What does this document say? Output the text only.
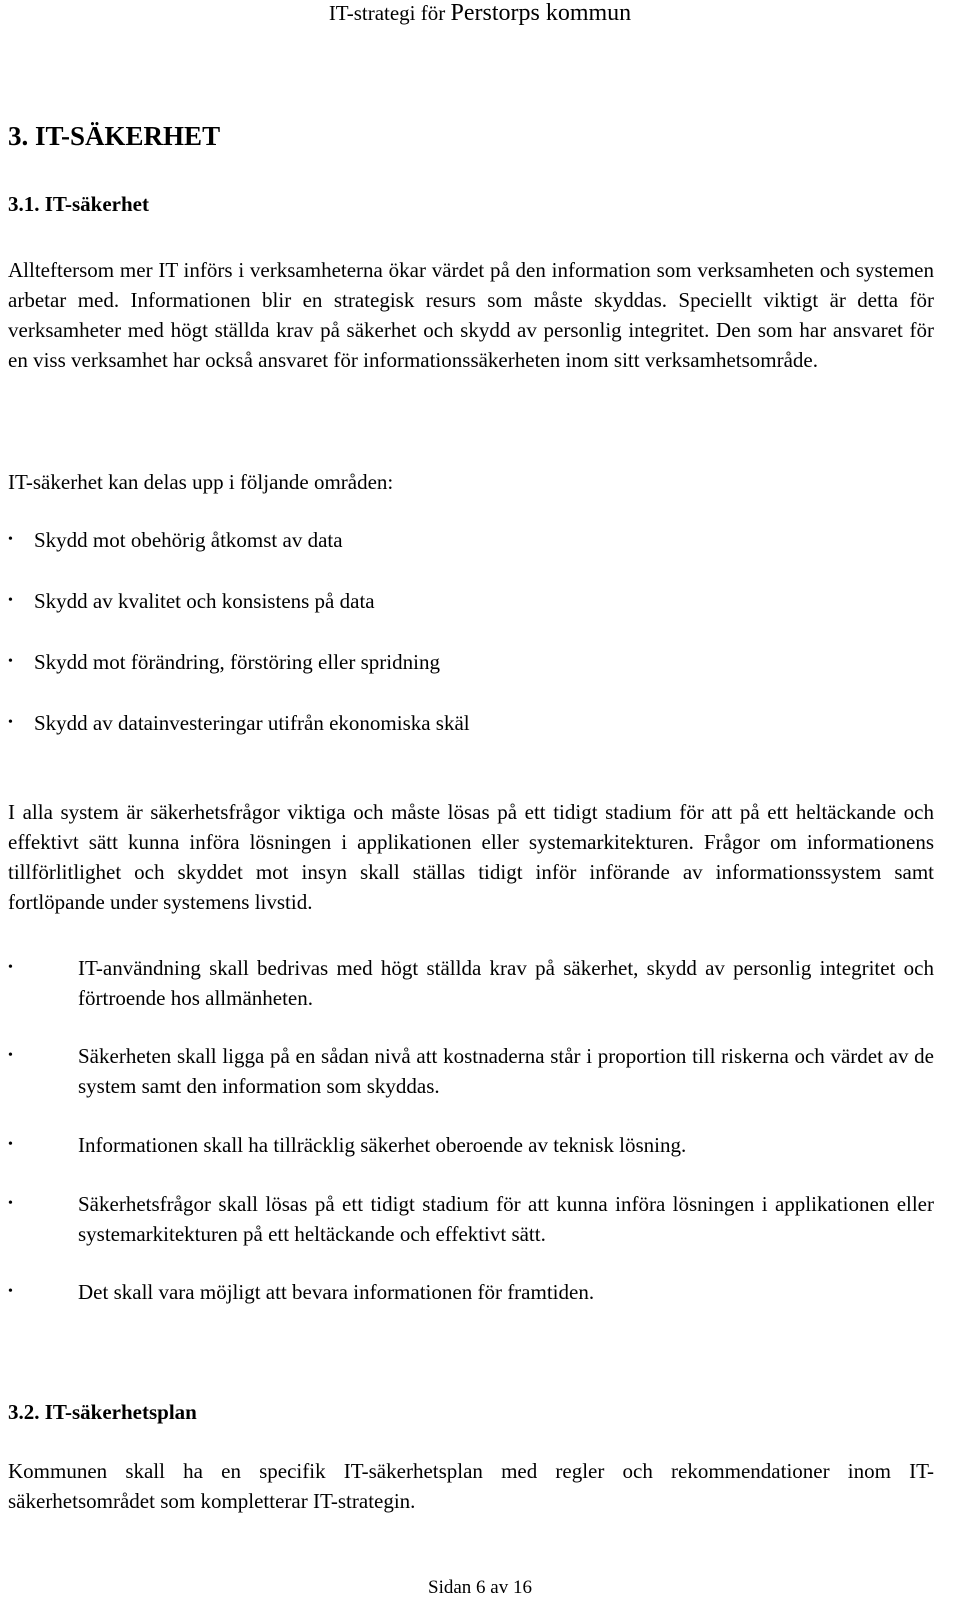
IT-strategi för Perstorps kommun
3. IT-SÄKERHET
3.1. IT-säkerhet
Allteftersom mer IT införs i verksamheterna ökar värdet på den information som verksamheten och systemen arbetar med. Informationen blir en strategisk resurs som måste skyddas. Speciellt viktigt är detta för verksamheter med högt ställda krav på säkerhet och skydd av personlig integritet. Den som har ansvaret för en viss verksamhet har också ansvaret för informationssäkerheten inom sitt verksamhetsområde.
IT-säkerhet kan delas upp i följande områden:
•	Skydd mot obehörig åtkomst av data
•	Skydd av kvalitet och konsistens på data
•	Skydd mot förändring, förstöring eller spridning
•	Skydd av datainvesteringar utifrån ekonomiska skäl
I alla system är säkerhetsfrågor viktiga och måste lösas på ett tidigt stadium för att på ett heltäckande och effektivt sätt kunna införa lösningen i applikationen eller systemarkitekturen. Frågor om informationens tillförlitlighet och skyddet mot insyn skall ställas tidigt inför införande av informationssystem samt fortlöpande under systemens livstid.
•	IT-användning skall bedrivas med högt ställda krav på säkerhet, skydd av personlig integritet och förtroende hos allmänheten.
•	Säkerheten skall ligga på en sådan nivå att kostnaderna står i proportion till riskerna och värdet av de system samt den information som skyddas.
•	Informationen skall ha tillräcklig säkerhet oberoende av teknisk lösning.
•	Säkerhetsfrågor skall lösas på ett tidigt stadium för att kunna införa lösningen i applikationen eller systemarkitekturen på ett heltäckande och effektivt sätt.
•	Det skall vara möjligt att bevara informationen för framtiden.
3.2. IT-säkerhetsplan
Kommunen skall ha en specifik IT-säkerhetsplan med regler och rekommendationer inom IT-säkerhetsområdet som kompletterar IT-strategin.
Sidan 6 av 16
